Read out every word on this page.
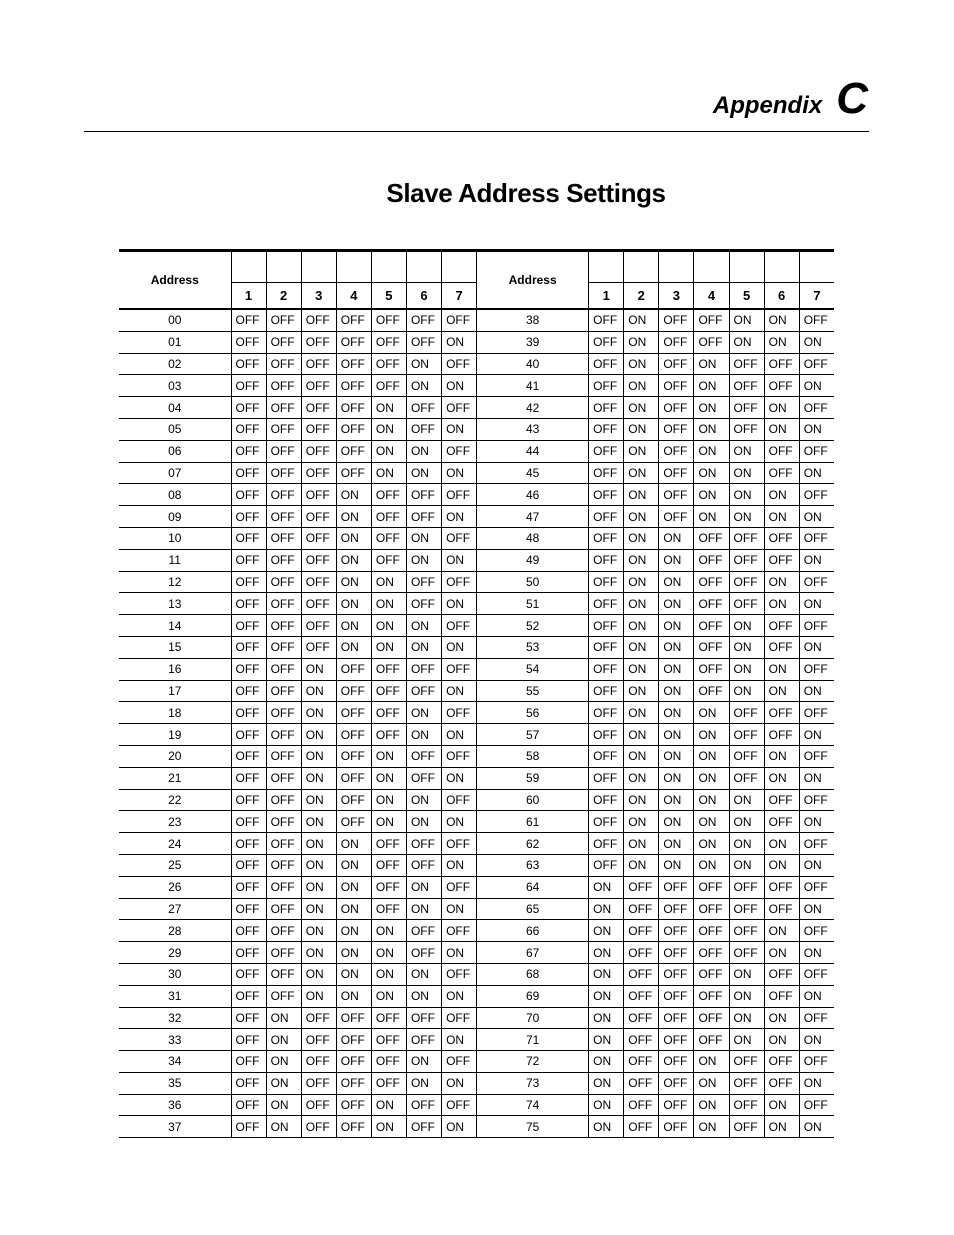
Appendix C
Slave Address Settings
Address								Address							
	1	2	3	4	5	6	7		1	2	3	4	5	6	7
00	OFF	OFF	OFF	OFF	OFF	OFF	OFF	38	OFF	ON	OFF	OFF	ON	ON	OFF
01	OFF	OFF	OFF	OFF	OFF	OFF	ON	39	OFF	ON	OFF	OFF	ON	ON	ON
02	OFF	OFF	OFF	OFF	OFF	ON	OFF	40	OFF	ON	OFF	ON	OFF	OFF	OFF
03	OFF	OFF	OFF	OFF	OFF	ON	ON	41	OFF	ON	OFF	ON	OFF	OFF	ON
04	OFF	OFF	OFF	OFF	ON	OFF	OFF	42	OFF	ON	OFF	ON	OFF	ON	OFF
05	OFF	OFF	OFF	OFF	ON	OFF	ON	43	OFF	ON	OFF	ON	OFF	ON	ON
06	OFF	OFF	OFF	OFF	ON	ON	OFF	44	OFF	ON	OFF	ON	ON	OFF	OFF
07	OFF	OFF	OFF	OFF	ON	ON	ON	45	OFF	ON	OFF	ON	ON	OFF	ON
08	OFF	OFF	OFF	ON	OFF	OFF	OFF	46	OFF	ON	OFF	ON	ON	ON	OFF
09	OFF	OFF	OFF	ON	OFF	OFF	ON	47	OFF	ON	OFF	ON	ON	ON	ON
10	OFF	OFF	OFF	ON	OFF	ON	OFF	48	OFF	ON	ON	OFF	OFF	OFF	OFF
11	OFF	OFF	OFF	ON	OFF	ON	ON	49	OFF	ON	ON	OFF	OFF	OFF	ON
12	OFF	OFF	OFF	ON	ON	OFF	OFF	50	OFF	ON	ON	OFF	OFF	ON	OFF
13	OFF	OFF	OFF	ON	ON	OFF	ON	51	OFF	ON	ON	OFF	OFF	ON	ON
14	OFF	OFF	OFF	ON	ON	ON	OFF	52	OFF	ON	ON	OFF	ON	OFF	OFF
15	OFF	OFF	OFF	ON	ON	ON	ON	53	OFF	ON	ON	OFF	ON	OFF	ON
16	OFF	OFF	ON	OFF	OFF	OFF	OFF	54	OFF	ON	ON	OFF	ON	ON	OFF
17	OFF	OFF	ON	OFF	OFF	OFF	ON	55	OFF	ON	ON	OFF	ON	ON	ON
18	OFF	OFF	ON	OFF	OFF	ON	OFF	56	OFF	ON	ON	ON	OFF	OFF	OFF
19	OFF	OFF	ON	OFF	OFF	ON	ON	57	OFF	ON	ON	ON	OFF	OFF	ON
20	OFF	OFF	ON	OFF	ON	OFF	OFF	58	OFF	ON	ON	ON	OFF	ON	OFF
21	OFF	OFF	ON	OFF	ON	OFF	ON	59	OFF	ON	ON	ON	OFF	ON	ON
22	OFF	OFF	ON	OFF	ON	ON	OFF	60	OFF	ON	ON	ON	ON	OFF	OFF
23	OFF	OFF	ON	OFF	ON	ON	ON	61	OFF	ON	ON	ON	ON	OFF	ON
24	OFF	OFF	ON	ON	OFF	OFF	OFF	62	OFF	ON	ON	ON	ON	ON	OFF
25	OFF	OFF	ON	ON	OFF	OFF	ON	63	OFF	ON	ON	ON	ON	ON	ON
26	OFF	OFF	ON	ON	OFF	ON	OFF	64	ON	OFF	OFF	OFF	OFF	OFF	OFF
27	OFF	OFF	ON	ON	OFF	ON	ON	65	ON	OFF	OFF	OFF	OFF	OFF	ON
28	OFF	OFF	ON	ON	ON	OFF	OFF	66	ON	OFF	OFF	OFF	OFF	ON	OFF
29	OFF	OFF	ON	ON	ON	OFF	ON	67	ON	OFF	OFF	OFF	OFF	ON	ON
30	OFF	OFF	ON	ON	ON	ON	OFF	68	ON	OFF	OFF	OFF	ON	OFF	OFF
31	OFF	OFF	ON	ON	ON	ON	ON	69	ON	OFF	OFF	OFF	ON	OFF	ON
32	OFF	ON	OFF	OFF	OFF	OFF	OFF	70	ON	OFF	OFF	OFF	ON	ON	OFF
33	OFF	ON	OFF	OFF	OFF	OFF	ON	71	ON	OFF	OFF	OFF	ON	ON	ON
34	OFF	ON	OFF	OFF	OFF	ON	OFF	72	ON	OFF	OFF	ON	OFF	OFF	OFF
35	OFF	ON	OFF	OFF	OFF	ON	ON	73	ON	OFF	OFF	ON	OFF	OFF	ON
36	OFF	ON	OFF	OFF	ON	OFF	OFF	74	ON	OFF	OFF	ON	OFF	ON	OFF
37	OFF	ON	OFF	OFF	ON	OFF	ON	75	ON	OFF	OFF	ON	OFF	ON	ON
